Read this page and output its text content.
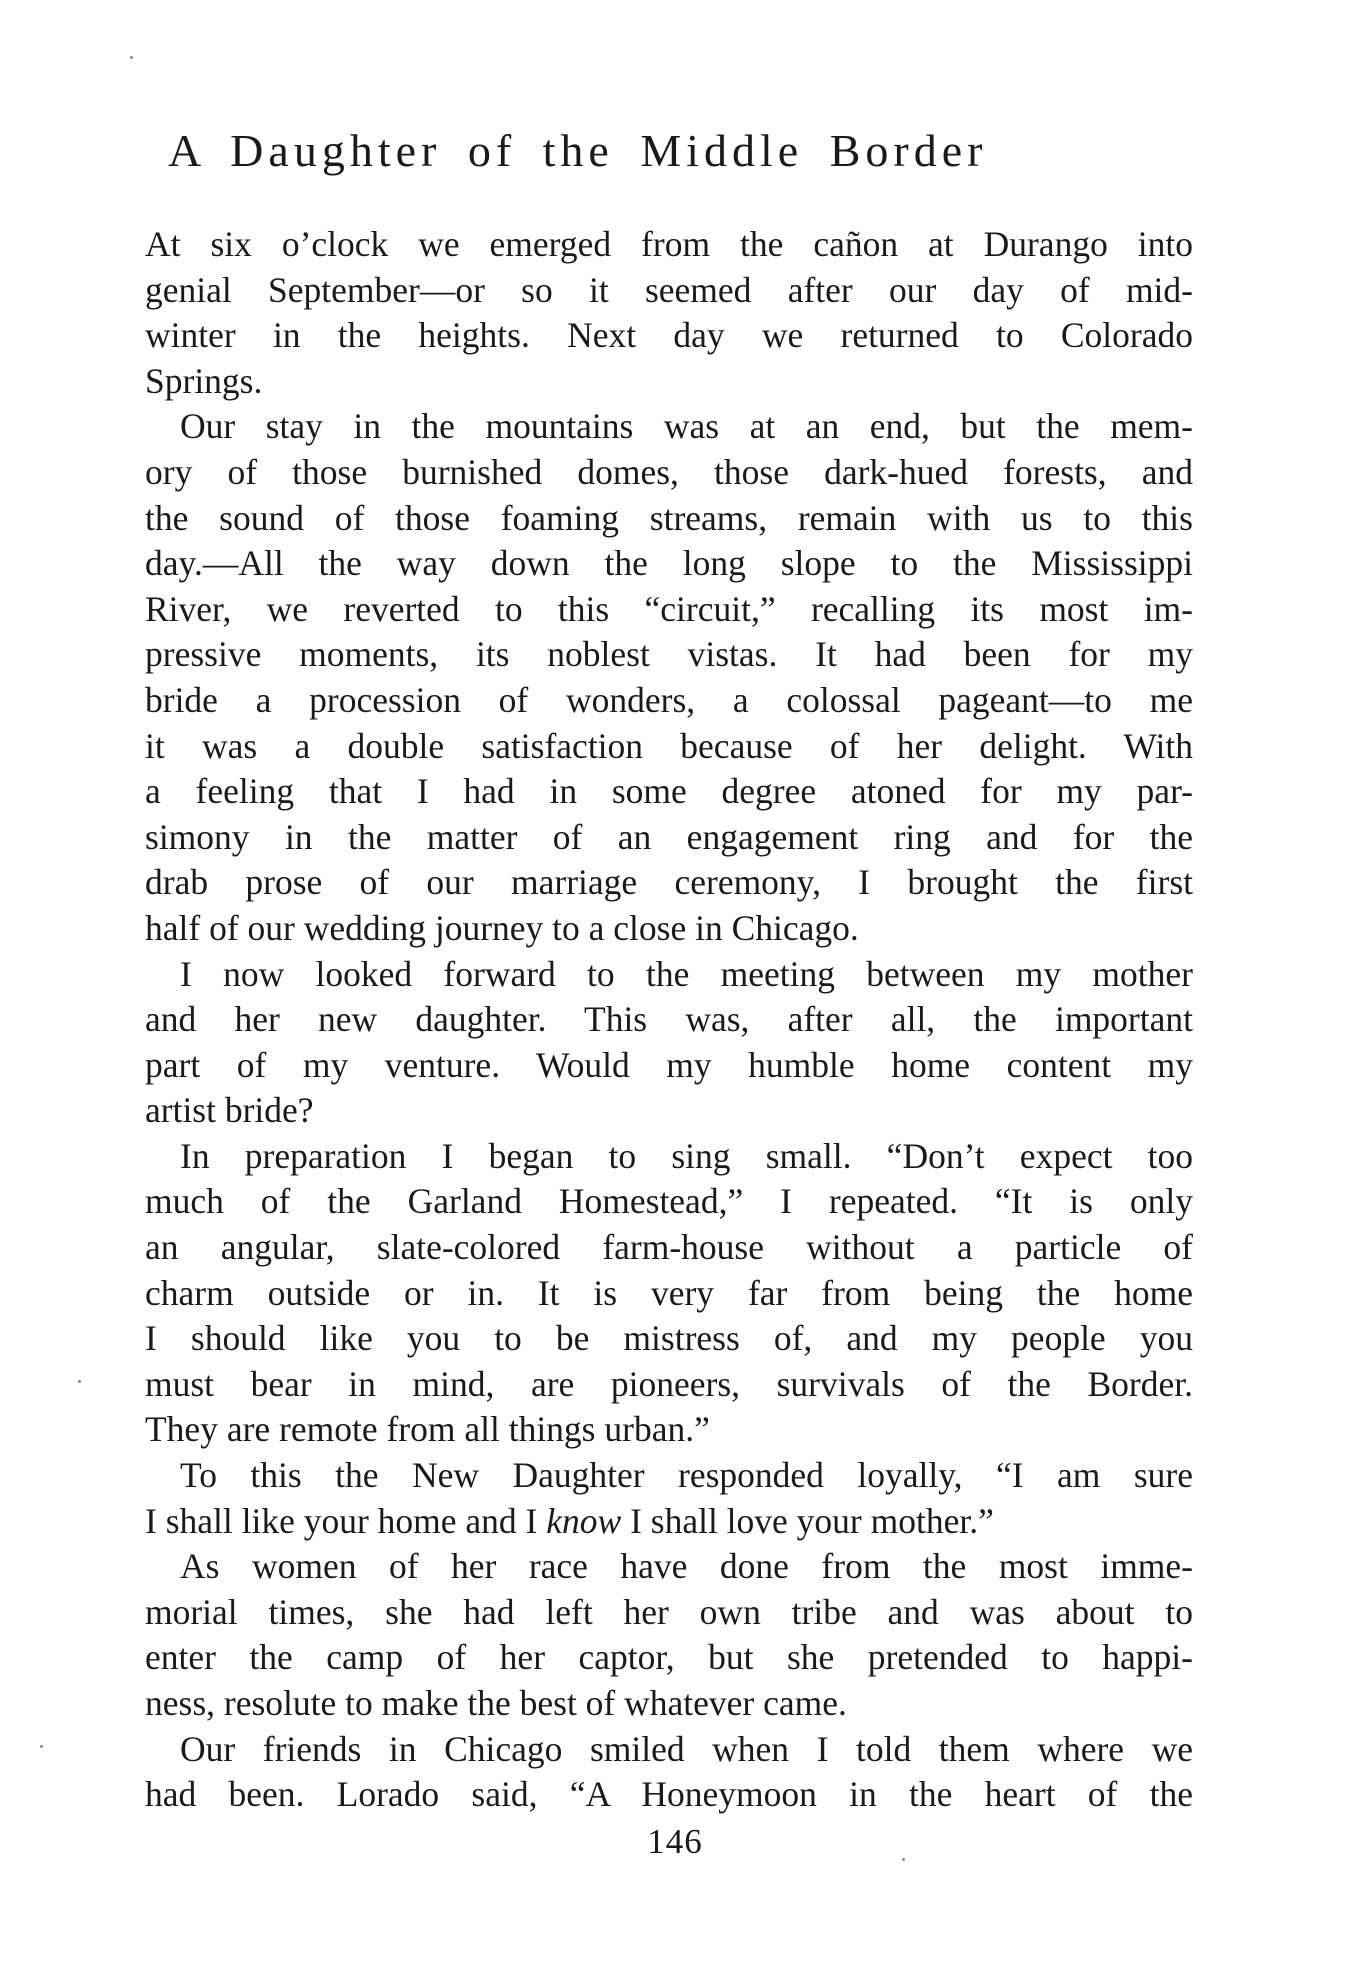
A Daughter of the Middle Border
At six o’clock we emerged from the cañon at Durango into
genial September—or so it seemed after our day of mid-
winter in the heights. Next day we returned to Colorado
Springs.
Our stay in the mountains was at an end, but the mem-
ory of those burnished domes, those dark-hued forests, and
the sound of those foaming streams, remain with us to this
day.—All the way down the long slope to the Mississippi
River, we reverted to this “circuit,” recalling its most im-
pressive moments, its noblest vistas. It had been for my
bride a procession of wonders, a colossal pageant—to me
it was a double satisfaction because of her delight. With
a feeling that I had in some degree atoned for my par-
simony in the matter of an engagement ring and for the
drab prose of our marriage ceremony, I brought the first
half of our wedding journey to a close in Chicago.
I now looked forward to the meeting between my mother
and her new daughter. This was, after all, the important
part of my venture. Would my humble home content my
artist bride?
In preparation I began to sing small. “Don’t expect too
much of the Garland Homestead,” I repeated. “It is only
an angular, slate-colored farm-house without a particle of
charm outside or in. It is very far from being the home
I should like you to be mistress of, and my people you
must bear in mind, are pioneers, survivals of the Border.
They are remote from all things urban.”
To this the New Daughter responded loyally, “I am sure
I shall like your home and I know I shall love your mother.”
As women of her race have done from the most imme-
morial times, she had left her own tribe and was about to
enter the camp of her captor, but she pretended to happi-
ness, resolute to make the best of whatever came.
Our friends in Chicago smiled when I told them where we
had been. Lorado said, “A Honeymoon in the heart of the
146
